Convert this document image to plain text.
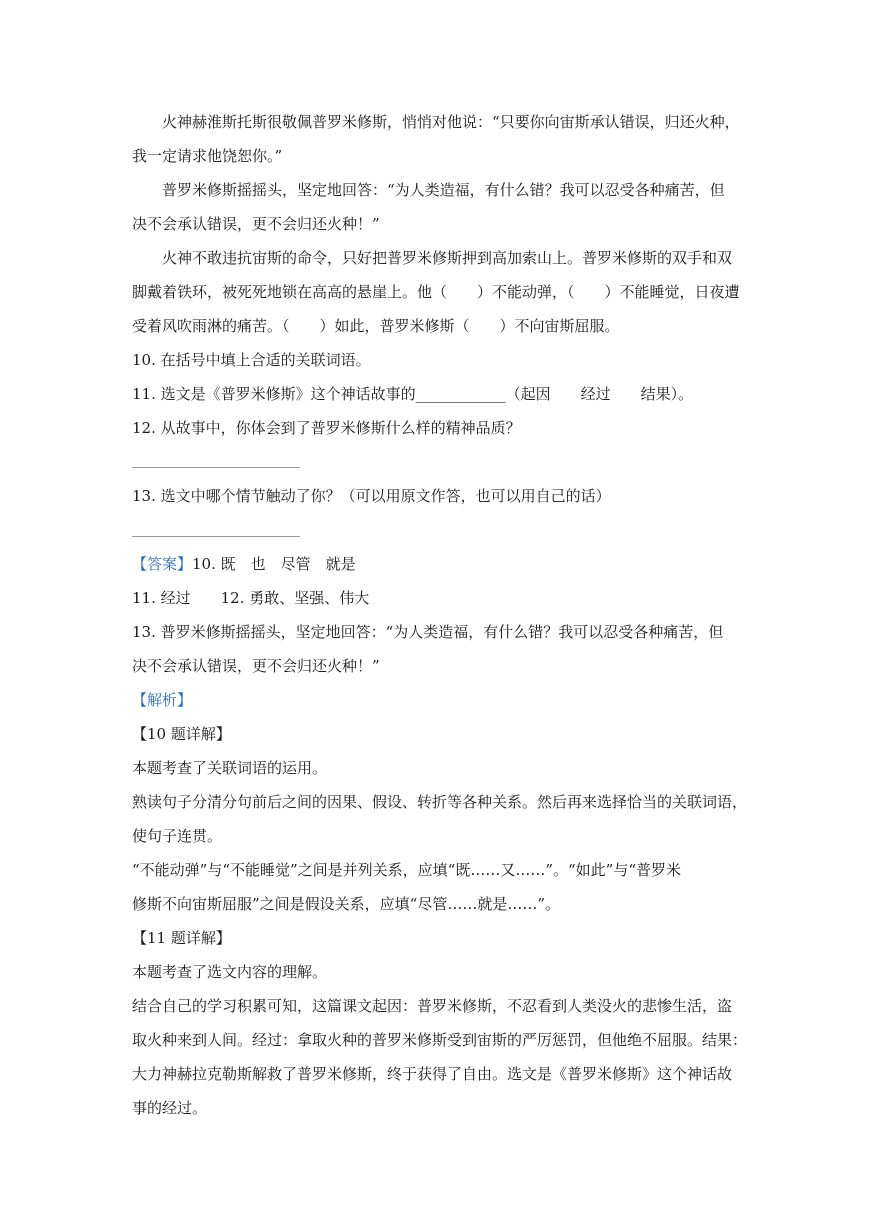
火神赫淮斯托斯很敬佩普罗米修斯，悄悄对他说：“只要你向宙斯承认错误，归还火种，
我一定请求他饶恕你。”
普罗米修斯摇摇头，坚定地回答：“为人类造福，有什么错？我可以忍受各种痛苦，但
决不会承认错误，更不会归还火种！”
火神不敢违抗宙斯的命令，只好把普罗米修斯押到高加索山上。普罗米修斯的双手和双
脚戴着铁环，被死死地锁在高高的悬崖上。他（　　）不能动弹，（　　）不能睡觉，日夜遭
受着风吹雨淋的痛苦。（　　）如此，普罗米修斯（　　）不向宙斯屈服。
10. 在括号中填上合适的关联词语。
11. 选文是《普罗米修斯》这个神话故事的____________（起因　　经过　　结果）。
12. 从故事中，你体会到了普罗米修斯什么样的精神品质？
13. 选文中哪个情节触动了你？（可以用原文作答，也可以用自己的话）
【答案】10. 既　也　尽管　就是
11. 经过　　12. 勇敢、坚强、伟大
13. 普罗米修斯摇摇头，坚定地回答：“为人类造福，有什么错？我可以忍受各种痛苦，但
决不会承认错误，更不会归还火种！”
【解析】
【10 题详解】
本题考查了关联词语的运用。
熟读句子分清分句前后之间的因果、假设、转折等各种关系。然后再来选择恰当的关联词语，
使句子连贯。
“不能动弹”与“不能睡觉”之间是并列关系，应填“既……又……”。“如此”与“普罗米
修斯不向宙斯屈服”之间是假设关系，应填“尽管……就是……”。
【11 题详解】
本题考查了选文内容的理解。
结合自己的学习积累可知，这篇课文起因：普罗米修斯，不忍看到人类没火的悲惨生活，盗
取火种来到人间。经过：拿取火种的普罗米修斯受到宙斯的严厉惩罚，但他绝不屈服。结果：
大力神赫拉克勒斯解救了普罗米修斯，终于获得了自由。选文是《普罗米修斯》这个神话故
事的经过。
